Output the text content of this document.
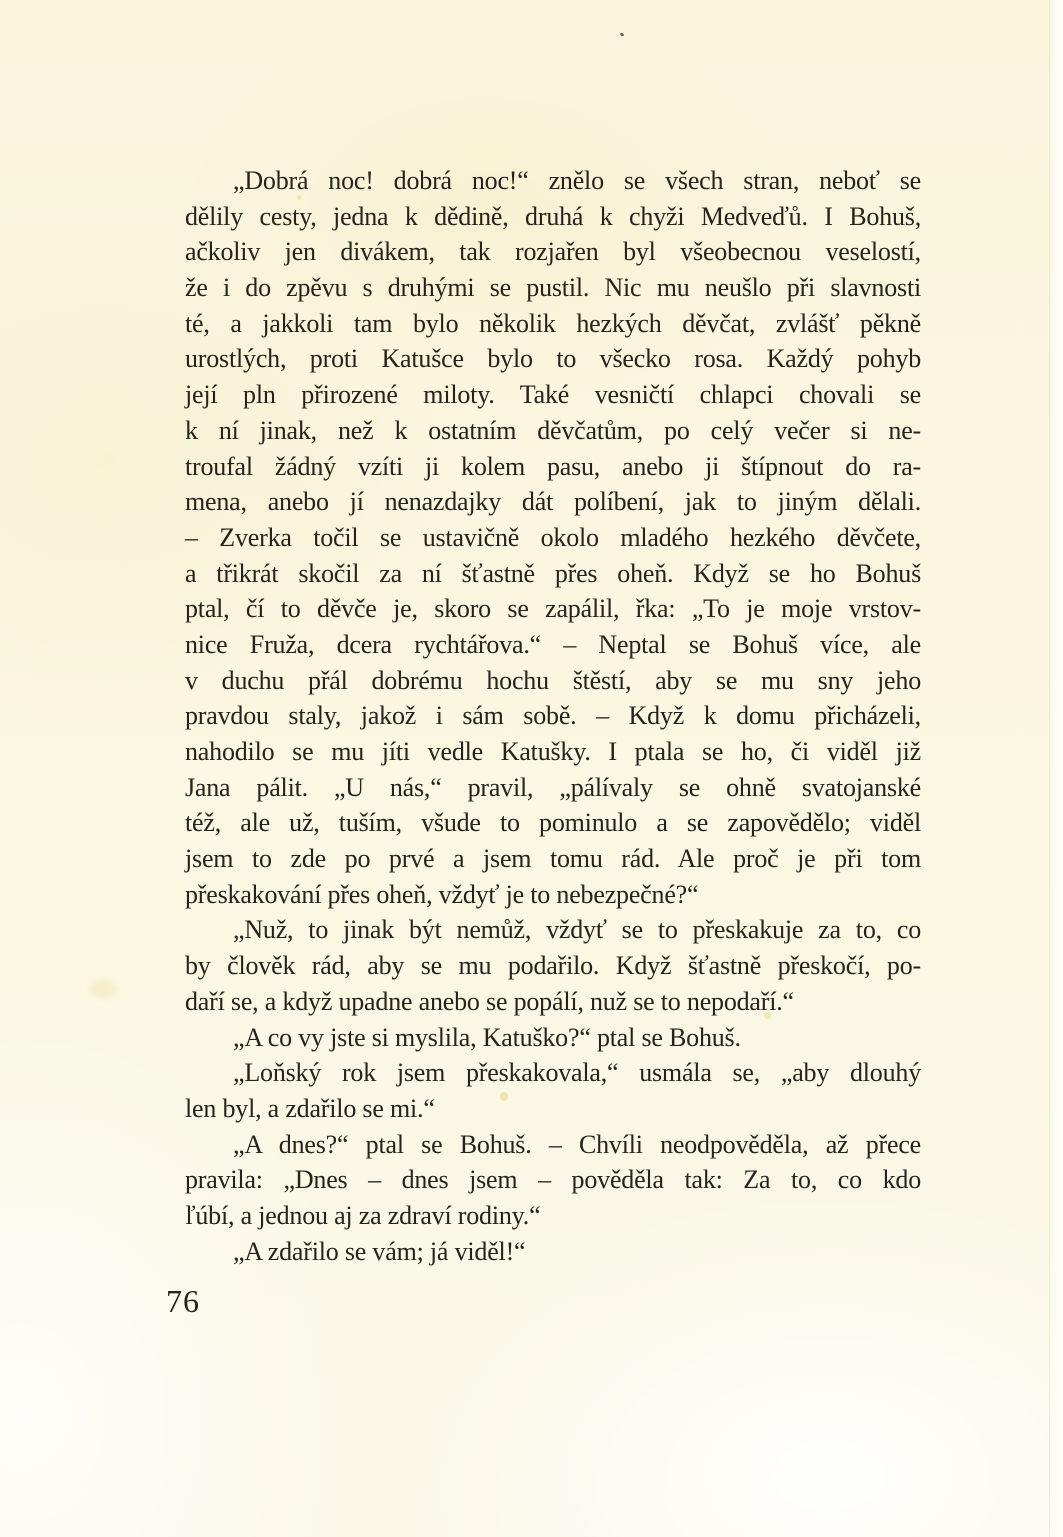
„Dobrá noc! dobrá noc!“ znělo se všech stran, neboť se
dělily cesty, jedna k dědině, druhá k chyži Medveďů. I Bohuš,
ačkoliv jen divákem, tak rozjařen byl všeobecnou veselostí,
že i do zpěvu s druhými se pustil. Nic mu neušlo při slavnosti
té, a jakkoli tam bylo několik hezkých děvčat, zvlášť pěkně
urostlých, proti Katušce bylo to všecko rosa. Každý pohyb
její pln přirozené miloty. Také vesničtí chlapci chovali se
k ní jinak, než k ostatním děvčatům, po celý večer si ne-
troufal žádný vzíti ji kolem pasu, anebo ji štípnout do ra-
mena, anebo jí nenazdajky dát políbení, jak to jiným dělali.
– Zverka točil se ustavičně okolo mladého hezkého děvčete,
a třikrát skočil za ní šťastně přes oheň. Když se ho Bohuš
ptal, čí to děvče je, skoro se zapálil, řka: „To je moje vrstov-
nice Fruža, dcera rychtářova.“ – Neptal se Bohuš více, ale
v duchu přál dobrému hochu štěstí, aby se mu sny jeho
pravdou staly, jakož i sám sobě. – Když k domu přicházeli,
nahodilo se mu jíti vedle Katušky. I ptala se ho, či viděl již
Jana pálit. „U nás,“ pravil, „pálívaly se ohně svatojanské
též, ale už, tuším, všude to pominulo a se zapovědělo; viděl
jsem to zde po prvé a jsem tomu rád. Ale proč je při tom
přeskakování přes oheň, vždyť je to nebezpečné?“
„Nuž, to jinak být nemůž, vždyť se to přeskakuje za to, co
by člověk rád, aby se mu podařilo. Když šťastně přeskočí, po-
daří se, a když upadne anebo se popálí, nuž se to nepodaří.“
„A co vy jste si myslila, Katuško?“ ptal se Bohuš.
„Loňský rok jsem přeskakovala,“ usmála se, „aby dlouhý
len byl, a zdařilo se mi.“
„A dnes?“ ptal se Bohuš. – Chvíli neodpověděla, až přece
pravila: „Dnes – dnes jsem – pověděla tak: Za to, co kdo
ľúbí, a jednou aj za zdraví rodiny.“
„A zdařilo se vám; já viděl!“
76
